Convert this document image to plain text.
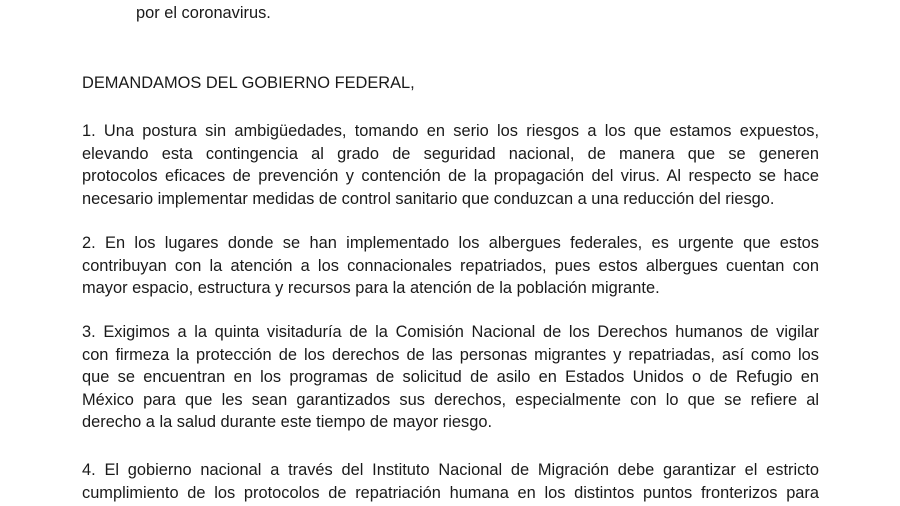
por el coronavirus.
DEMANDAMOS DEL GOBIERNO FEDERAL,
1. Una postura sin ambigüedades, tomando en serio los riesgos a los que estamos expuestos,
elevando esta contingencia al grado de seguridad nacional, de manera que se generen
protocolos eficaces de prevención y contención de la propagación del virus. Al respecto se hace
necesario implementar medidas de control sanitario que conduzcan a una reducción del riesgo.
2. En los lugares donde se han implementado los albergues federales, es urgente que estos
contribuyan con la atención a los connacionales repatriados, pues estos albergues cuentan con
mayor espacio, estructura y recursos para la atención de la población migrante.
3. Exigimos a la quinta visitaduría de la Comisión Nacional de los Derechos humanos de vigilar
con firmeza la protección de los derechos de las personas migrantes y repatriadas, así como los
que se encuentran en los programas de solicitud de asilo en Estados Unidos o de Refugio en
México para que les sean garantizados sus derechos, especialmente con lo que se refiere al
derecho a la salud durante este tiempo de mayor riesgo.
4. El gobierno nacional a través del Instituto Nacional de Migración debe garantizar el estricto
cumplimiento de los protocolos de repatriación humana en los distintos puntos fronterizos para
